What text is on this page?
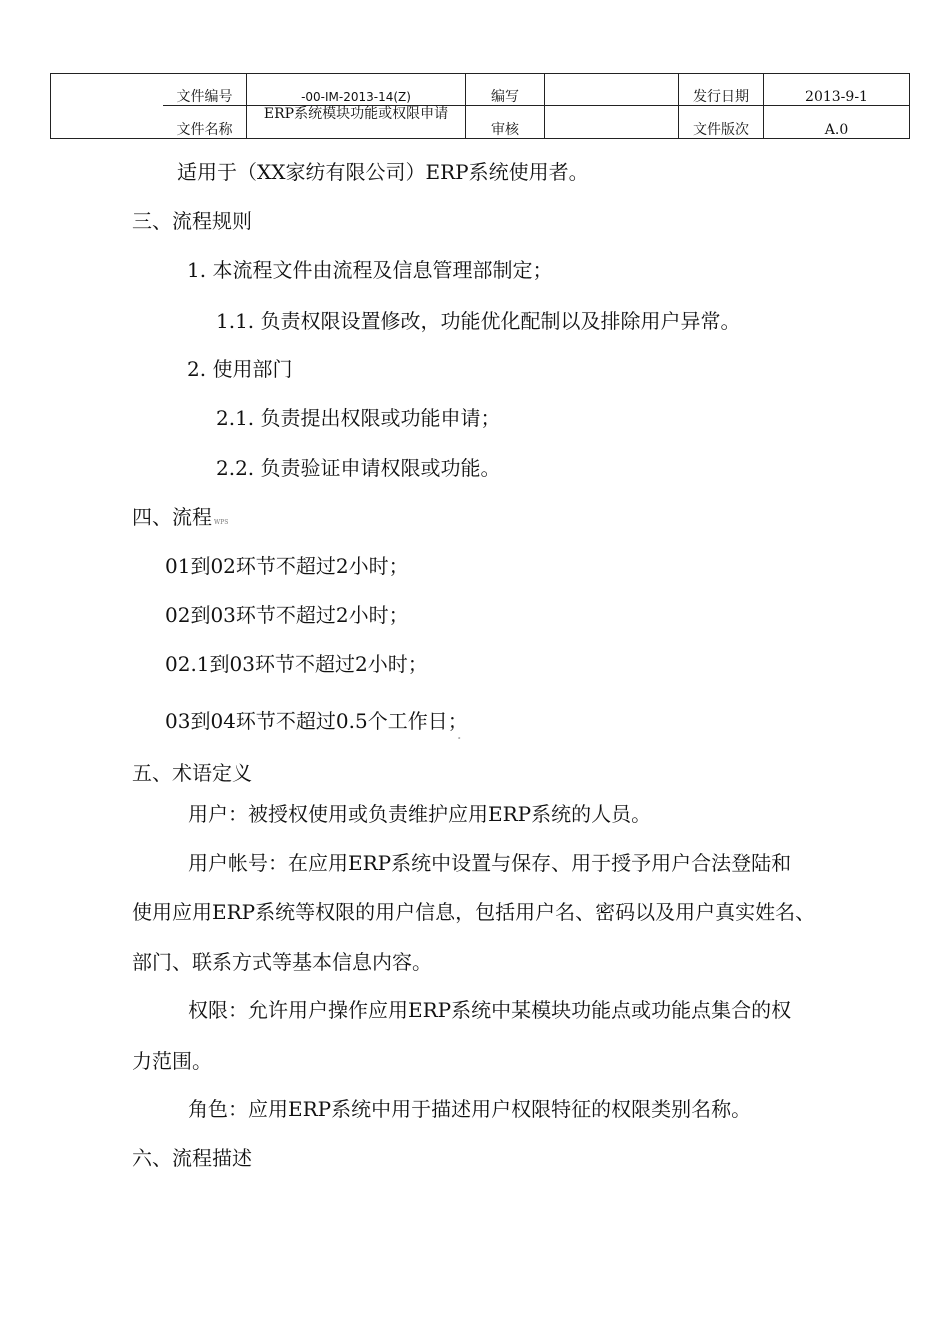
	文件编号	-00-IM-2013-14(Z)	编写		发行日期	2013-9-1
	文件名称	ERP系统模块功能或权限申请	审核		文件版次	A.0
适用于（XX家纺有限公司）ERP系统使用者。
三、流程规则
1. 本流程文件由流程及信息管理部制定；
1.1. 负责权限设置修改，功能优化配制以及排除用户异常。
2. 使用部门
2.1. 负责提出权限或功能申请；
2.2. 负责验证申请权限或功能。
四、流程 WPS
01到02环节不超过2小时；
02到03环节不超过2小时；
02.1到03环节不超过2小时；
03到04环节不超过0.5个工作日；$^\circ$
五、术语定义
用户：被授权使用或负责维护应用ERP系统的人员。
用户帐号：在应用ERP系统中设置与保存、用于授予用户合法登陆和
使用应用ERP系统等权限的用户信息，包括用户名、密码以及用户真实姓名、
部门、联系方式等基本信息内容。
权限：允许用户操作应用ERP系统中某模块功能点或功能点集合的权
力范围。
角色：应用ERP系统中用于描述用户权限特征的权限类别名称。
六、流程描述
